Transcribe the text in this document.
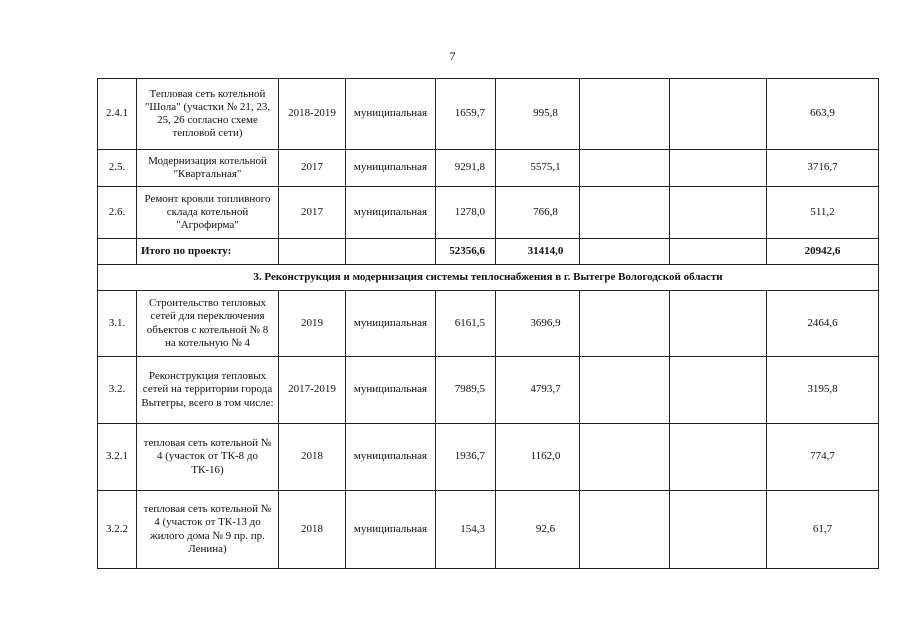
7
2.4.1	Тепловая сеть котельной "Шола" (участки № 21, 23, 25, 26 согласно схеме тепловой сети)	2018-2019	муниципальная	1659,7	995,8			663,9
2.5.	Модернизация котельной "Квартальная"	2017	муниципальная	9291,8	5575,1			3716,7
2.6.	Ремонт кровли топливного склада котельной "Агрофирма"	2017	муниципальная	1278,0	766,8			511,2
	Итого по проекту:			52356,6	31414,0			20942,6
3. Реконструкция и модернизация системы теплоснабжения в г. Вытегре Вологодской области								
3.1.	Строительство тепловых сетей для переключения объектов с котельной № 8 на котельную № 4	2019	муниципальная	6161,5	3696,9			2464,6
3.2.	Реконструкция тепловых сетей на территории города Вытегры, всего в том числе:	2017-2019	муниципальная	7989,5	4793,7			3195,8
3.2.1	тепловая сеть котельной № 4 (участок от ТК-8 до ТК-16)	2018	муниципальная	1936,7	1162,0			774,7
3.2.2	тепловая сеть котельной № 4 (участок от ТК-13 до жилого дома № 9 пр. пр. Ленина)	2018	муниципальная	154,3	92,6			61,7
